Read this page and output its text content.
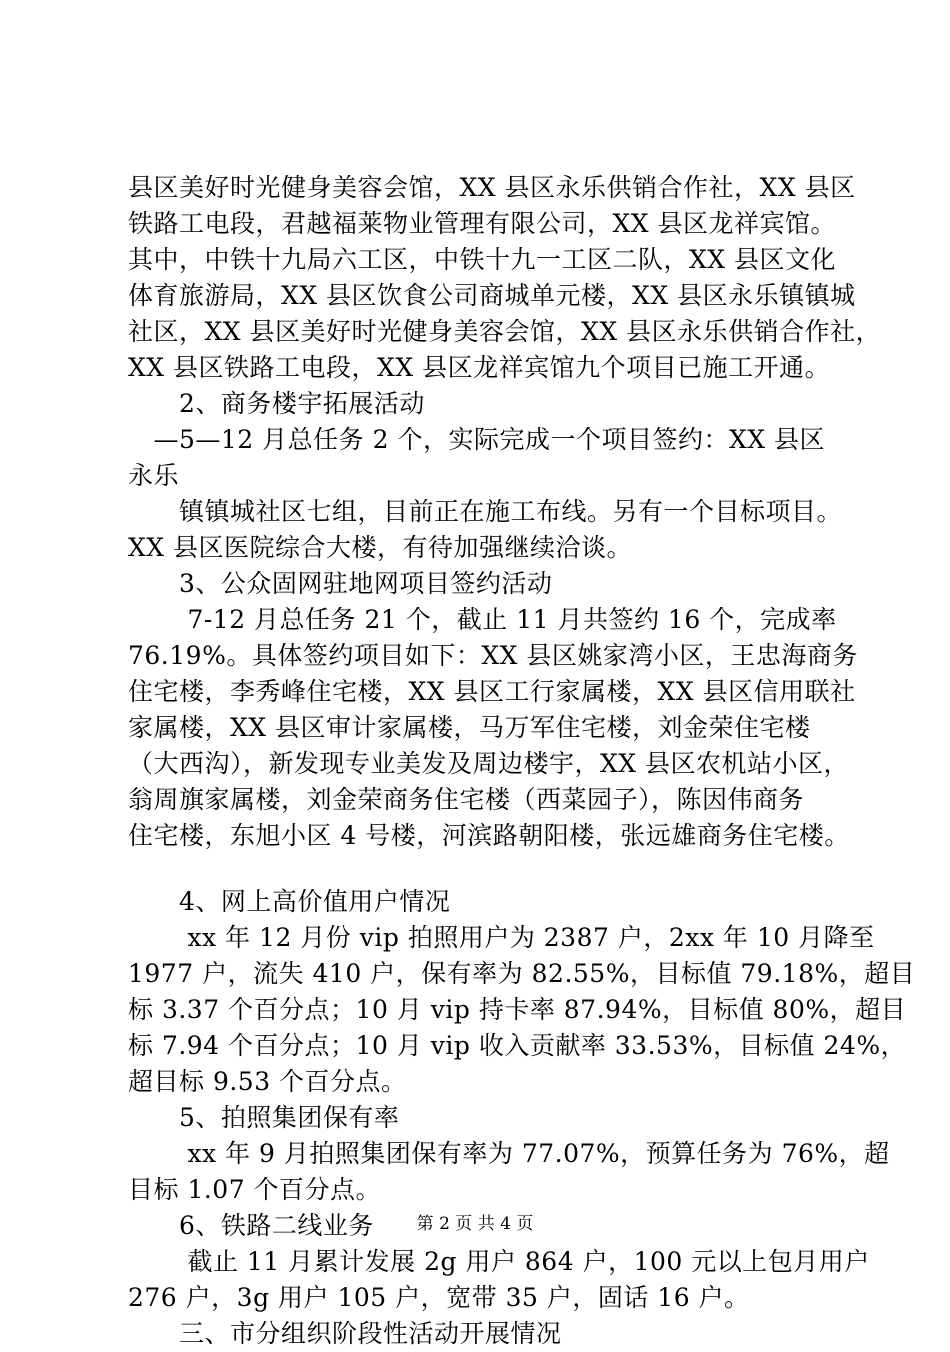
县区美好时光健身美容会馆，XX 县区永乐供销合作社，XX 县区
铁路工电段，君越福莱物业管理有限公司，XX 县区龙祥宾馆。
其中，中铁十九局六工区，中铁十九一工区二队，XX 县区文化
体育旅游局，XX 县区饮食公司商城单元楼，XX 县区永乐镇镇城
社区，XX 县区美好时光健身美容会馆，XX 县区永乐供销合作社，
XX 县区铁路工电段，XX 县区龙祥宾馆九个项目已施工开通。
　　2、商务楼宇拓展活动
　—5—12 月总任务 2 个，实际完成一个项目签约：XX 县区
永乐
　　镇镇城社区七组，目前正在施工布线。另有一个目标项目。
XX 县区医院综合大楼，有待加强继续洽谈。
　　3、公众固网驻地网项目签约活动
　　 7-12 月总任务 21 个，截止 11 月共签约 16 个，完成率
76.19%。具体签约项目如下：XX 县区姚家湾小区，王忠海商务
住宅楼，李秀峰住宅楼，XX 县区工行家属楼，XX 县区信用联社
家属楼，XX 县区审计家属楼，马万军住宅楼，刘金荣住宅楼
（大西沟），新发现专业美发及周边楼宇，XX 县区农机站小区，
翁周旗家属楼，刘金荣商务住宅楼（西菜园子），陈因伟商务
住宅楼，东旭小区 4 号楼，河滨路朝阳楼，张远雄商务住宅楼。
　　4、网上高价值用户情况
　　 xx 年 12 月份 vip 拍照用户为 2387 户，2xx 年 10 月降至
1977 户，流失 410 户，保有率为 82.55%，目标值 79.18%，超目
标 3.37 个百分点；10 月 vip 持卡率 87.94%，目标值 80%，超目
标 7.94 个百分点；10 月 vip 收入贡献率 33.53%，目标值 24%，
超目标 9.53 个百分点。
　　5、拍照集团保有率
　　 xx 年 9 月拍照集团保有率为 77.07%，预算任务为 76%，超
目标 1.07 个百分点。
　　6、铁路二线业务
　　 截止 11 月累计发展 2g 用户 864 户，100 元以上包月用户
276 户，3g 用户 105 户，宽带 35 户，固话 16 户。
　　三、市分组织阶段性活动开展情况
第 2 页 共 4 页
